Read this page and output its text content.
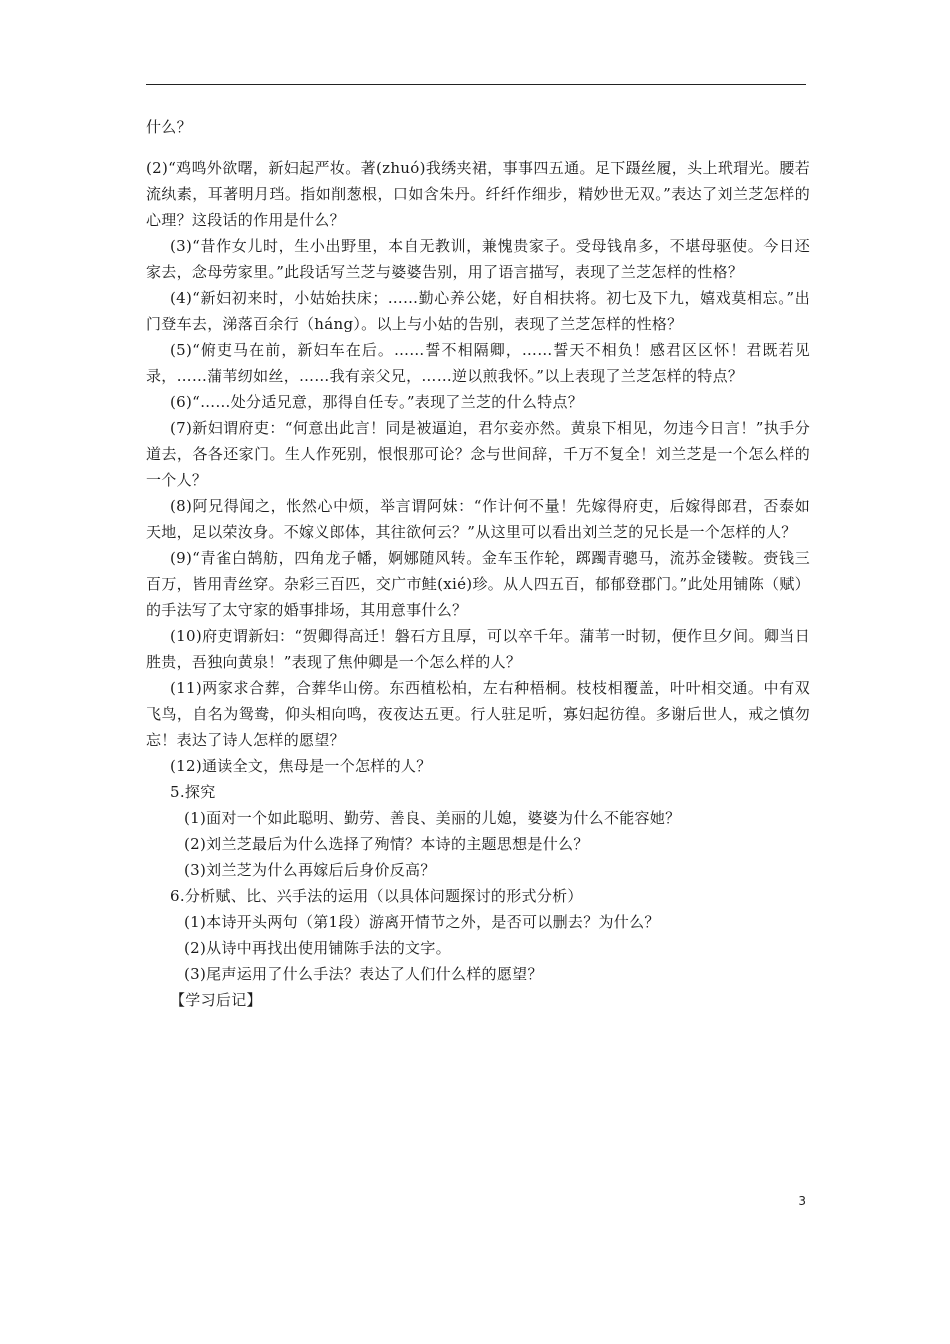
什么？

(2)“鸡鸣外欲曙，新妇起严妆。著(zhuó)我绣夹裙，事事四五通。足下蹑丝履，头上玳瑁光。腰若流纨素，耳著明月珰。指如削葱根，口如含朱丹。纤纤作细步，精妙世无双。”表达了刘兰芝怎样的心理？这段话的作用是什么？

(3)“昔作女儿时，生小出野里，本自无教训，兼愧贵家子。受母钱帛多，不堪母驱使。今日还家去，念母劳家里。”此段话写兰芝与婆婆告别，用了语言描写，表现了兰芝怎样的性格？

(4)“新妇初来时，小姑始扶床；……勤心养公姥，好自相扶将。初七及下九，嬉戏莫相忘。”出门登车去，涕落百余行（háng）。以上与小姑的告别，表现了兰芝怎样的性格？

(5)“俯吏马在前，新妇车在后。……誓不相隔卿，……誓天不相负！感君区区怀！君既若见录，……蒲苇纫如丝，……我有亲父兄，……逆以煎我怀。”以上表现了兰芝怎样的特点？

(6)“……处分适兄意，那得自任专。”表现了兰芝的什么特点？

(7)新妇谓府吏：“何意出此言！同是被逼迫，君尔妾亦然。黄泉下相见，勿违今日言！”执手分道去，各各还家门。生人作死别，恨恨那可论？念与世间辞，千万不复全！刘兰芝是一个怎么样的一个人？

(8)阿兄得闻之，怅然心中烦，举言谓阿妹：“作计何不量！先嫁得府吏，后嫁得郎君，否泰如天地，足以荣汝身。不嫁义郎体，其往欲何云？”从这里可以看出刘兰芝的兄长是一个怎样的人？

(9)“青雀白鹄舫，四角龙子幡，婀娜随风转。金车玉作轮，踯躅青骢马，流苏金镂鞍。赍钱三百万，皆用青丝穿。杂彩三百匹，交广市鲑(xié)珍。从人四五百，郁郁登郡门。”此处用铺陈（赋）的手法写了太守家的婚事排场，其用意事什么？

(10)府吏谓新妇：“贺卿得高迁！磐石方且厚，可以卒千年。蒲苇一时韧，便作旦夕间。卿当日胜贵，吾独向黄泉！”表现了焦仲卿是一个怎么样的人？

(11)两家求合葬，合葬华山傍。东西植松柏，左右种梧桐。枝枝相覆盖，叶叶相交通。中有双飞鸟，自名为鸳鸯，仰头相向鸣，夜夜达五更。行人驻足听，寡妇起彷徨。多谢后世人，戒之慎勿忘！表达了诗人怎样的愿望？

(12)通读全文，焦母是一个怎样的人？

5.探究

(1)面对一个如此聪明、勤劳、善良、美丽的儿媳，婆婆为什么不能容她？

(2)刘兰芝最后为什么选择了殉情？本诗的主题思想是什么？

(3)刘兰芝为什么再嫁后后身价反高？

6.分析赋、比、兴手法的运用（以具体问题探讨的形式分析）

(1)本诗开头两句（第1段）游离开情节之外，是否可以删去？为什么？

(2)从诗中再找出使用铺陈手法的文字。

(3)尾声运用了什么手法？表达了人们什么样的愿望？

【学习后记】

3
